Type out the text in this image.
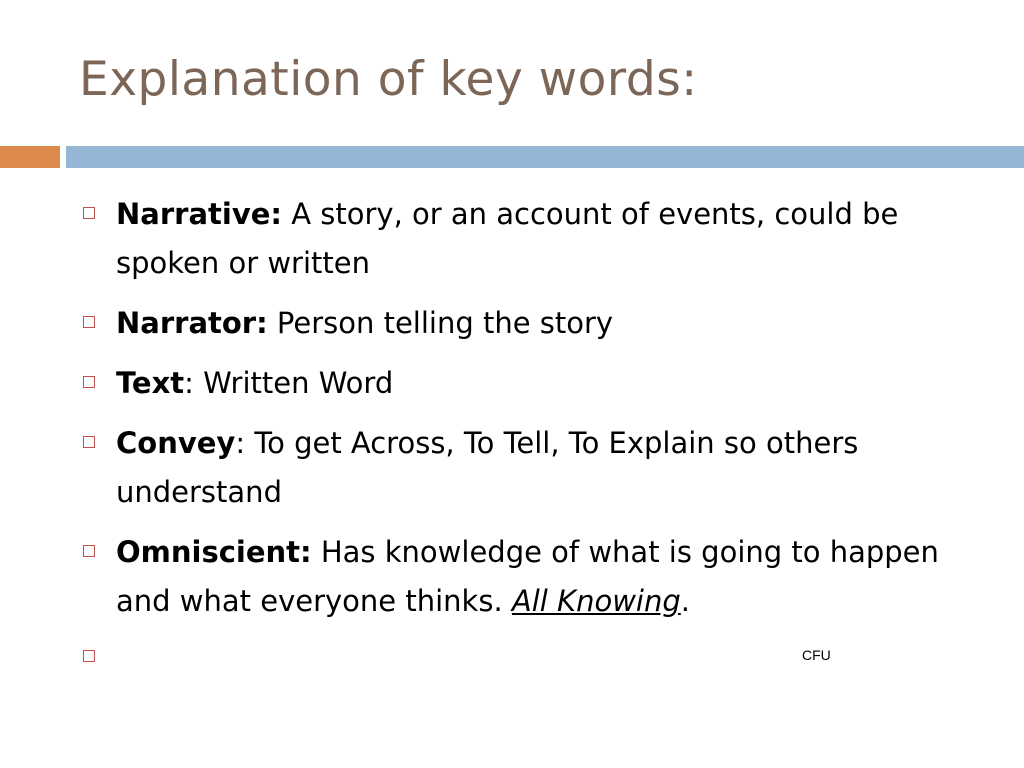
Explanation of key words:
Narrative: A story, or an account of events, could be spoken or written
Narrator: Person telling the story
Text: Written Word
Convey: To get Across, To Tell, To Explain so others understand
Omniscient: Has knowledge of what is going to happen and what everyone thinks. All Knowing.
CFU
